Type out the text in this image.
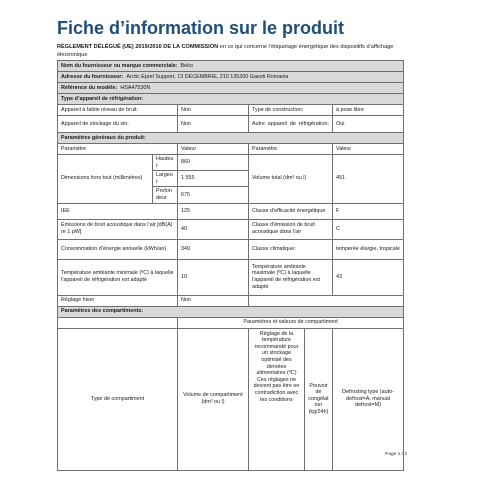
Fiche d’information sur le produit
RÈGLEMENT DÉLÉGUÉ (UE) 2019/2016 DE LA COMMISSION en ce qui concerne l’étiquetage énergétique des dispositifs d’affichage électronique
Nom du fournisseur ou marque commerciale: Beko					
Adresse du fournisseur: Arctic Eprel Support, 13 DECEMBRIE, 210 135200 Gaesti Romania					
Référence du modèle: HSA47530N					
Type d’appareil de réfrigération:					
Appareil à faible niveau de bruit:		Non	Type de construction:		à pose libre
Appareil de stockage du vin:		Non	Autre appareil de réfrigération:		Oui
Paramètres généraux du produit:					
Paramètre		Valeur	Paramètre		Valeur
Dimensions hors tout (millimètres)	Hauteur	860	Volume total (dm³ ou l)		451
	Largeur	1 555			
	Profondeur	675			
IEE		125	Classe d’efficacité énergétique		F
Émissions de bruit acoustique dans l’air [dB(A) re 1 pW]		40	Classe d’émission de bruit acoustique dans l’air		C
Consommation d’énergie annuelle (kWh/an)		349	Classe climatique:		tempérée élargie, tropicale
Température ambiante minimale (ºC) à laquelle l’appareil de réfrigération est adapté		10	Température ambiante maximale (ºC) à laquelle l’appareil de réfrigération est adapté		43
Réglage hiver		Non			
Paramètres des compartiments:					
		Paramètres et valeurs de compartiment			
Type de compartiment		Volume de compartiment (dm³ ou l)	Réglage de la température recommandé pour un stockage optimisé des denrées alimentaires (ºC) Ces réglages ne doivent pas être en contradiction avec les conditions	Pouvoir de congélation (kg/24h)	Defrosting type (auto-defrost=A, manual defrost=M)
Page 1 / 2
